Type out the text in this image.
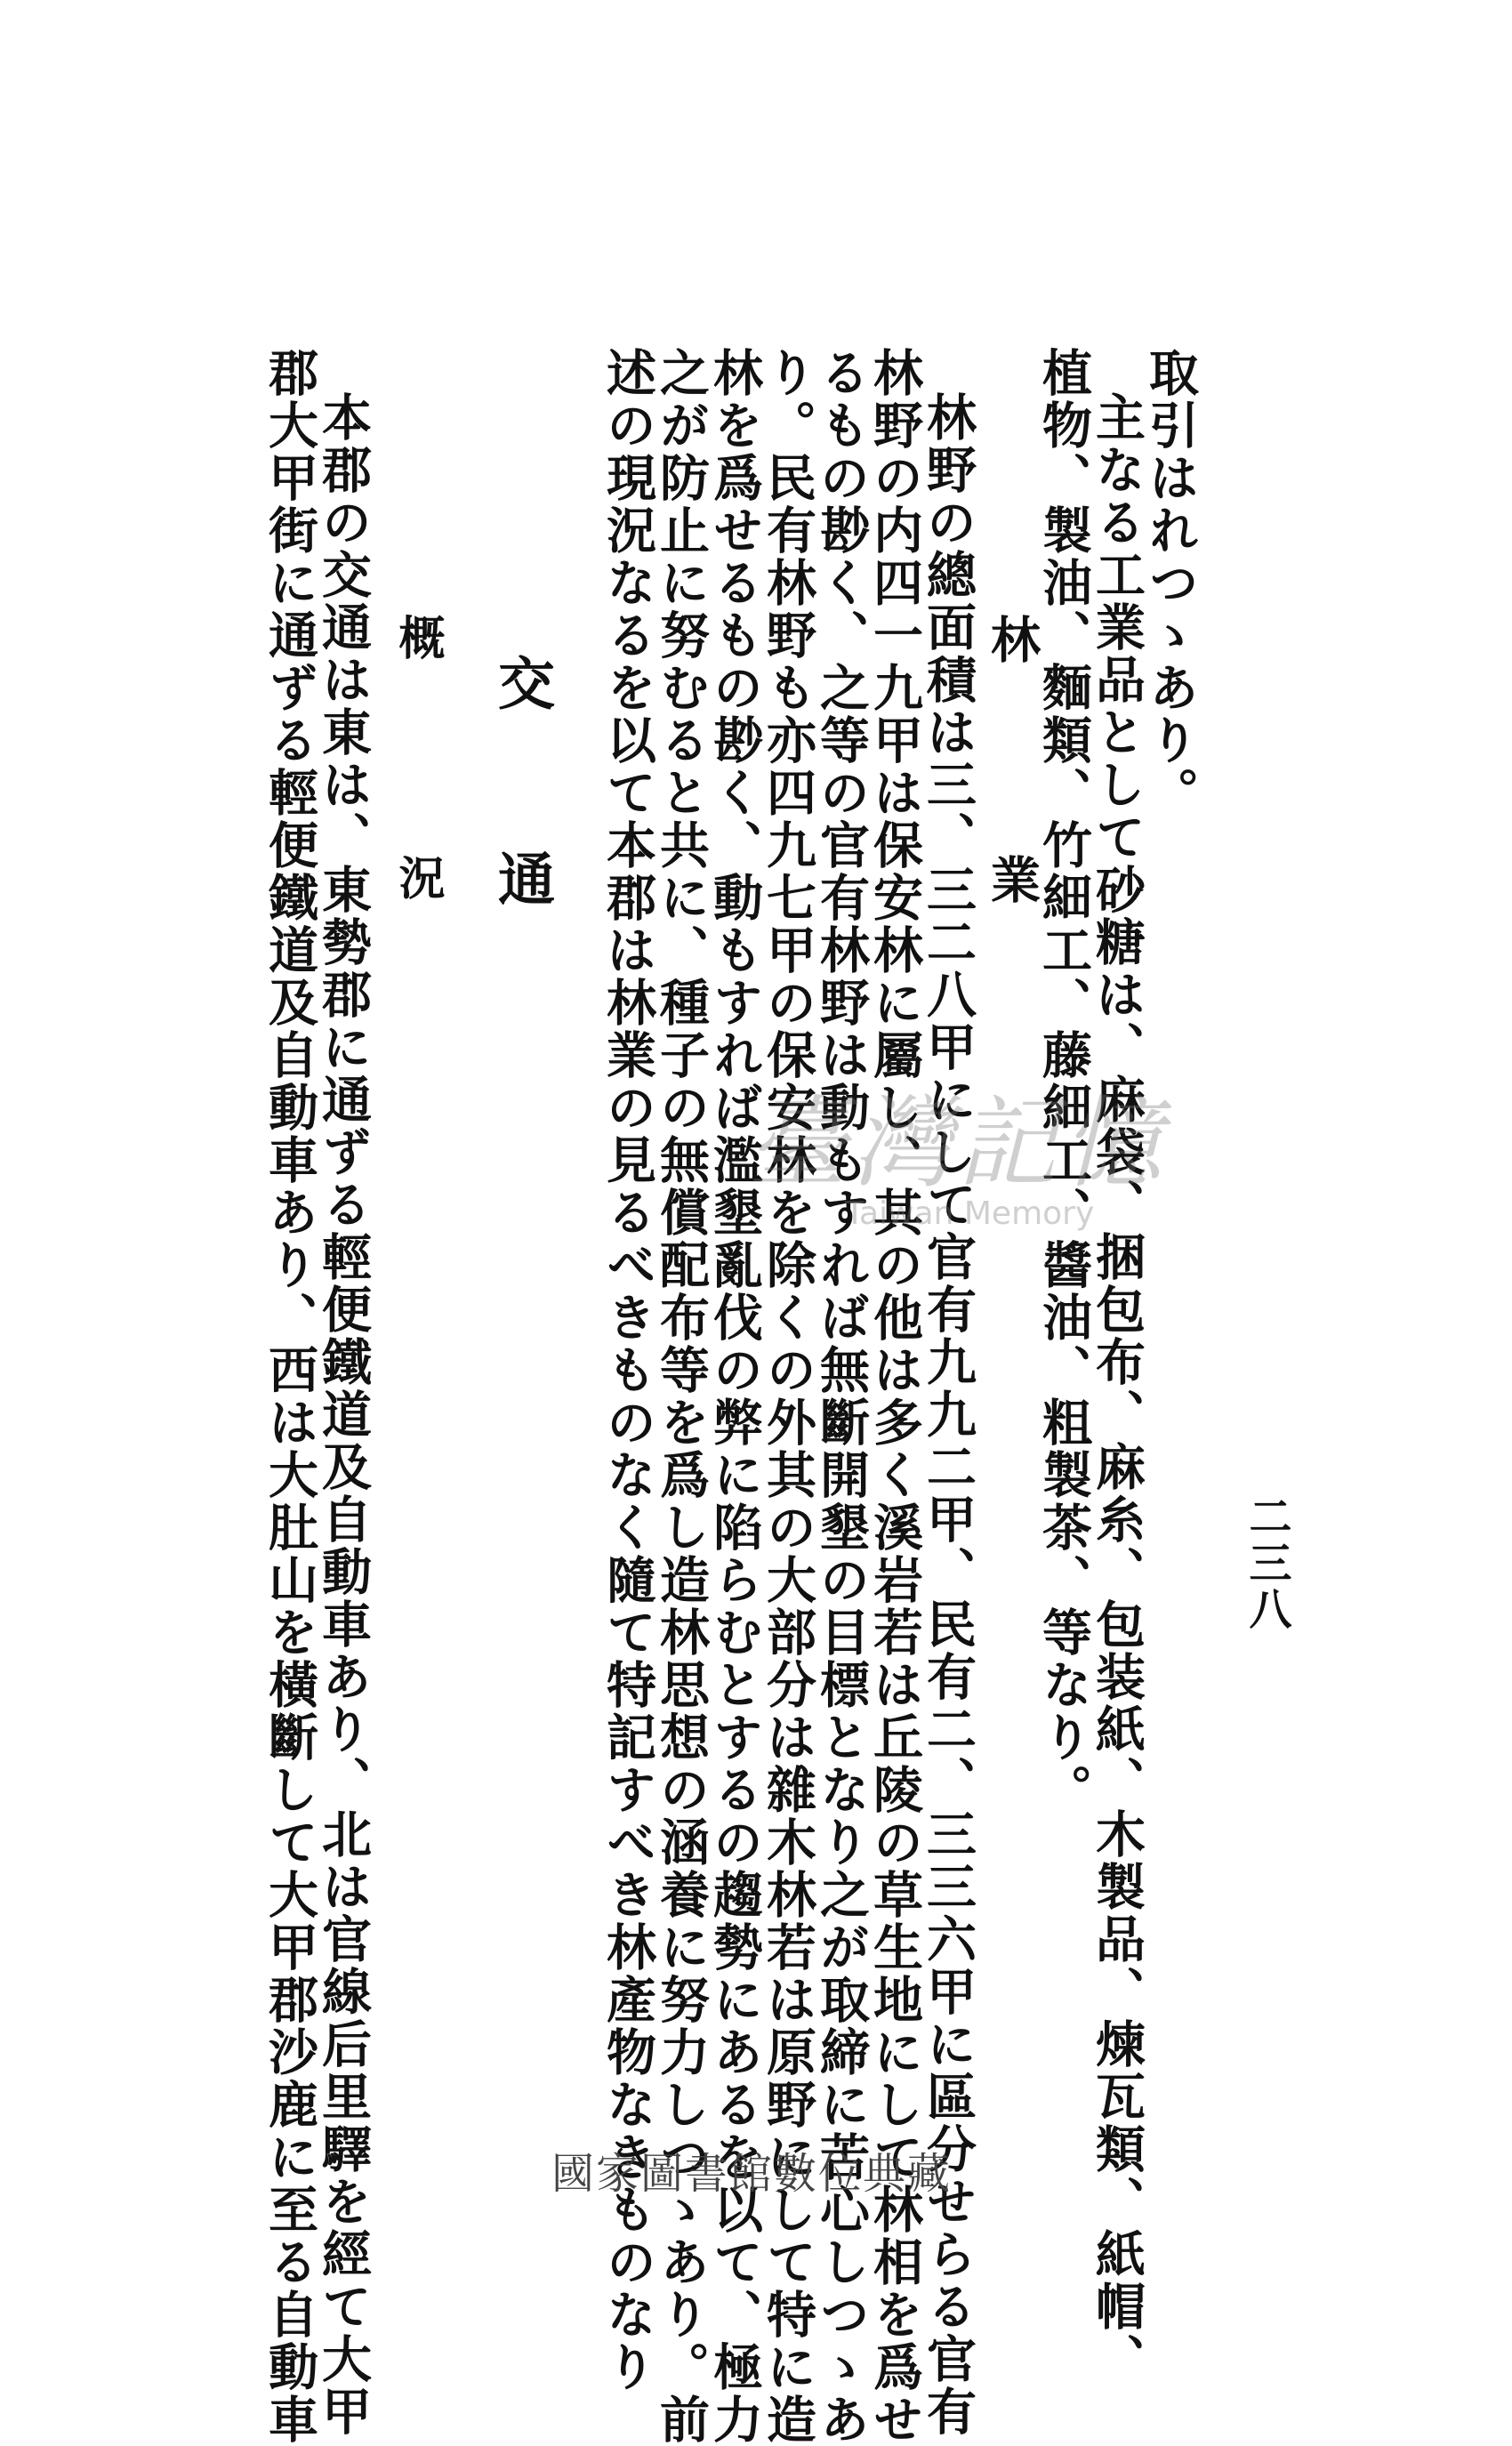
二三八
取引はれつゝあり。
主なる工業品として砂糖は、麻袋、捆包布、麻糸、包装紙、木製品、煉瓦類、紙帽、
植物、製油、麵類、竹細工、藤細工、醬油、粗製茶、等なり。
林
業
林野の總面積は三、三二八甲にして官有九九二甲、民有二、三三六甲に區分せらる官有
林野の内四一九甲は保安林に屬し、其の他は多く溪岩若は丘陵の草生地にして林相を爲せ
るもの尠く、之等の官有林野は動もすれば無斷開墾の目標となり之が取締に苦心しつゝあ
り。民有林野も亦四九七甲の保安林を除くの外其の大部分は雜木林若は原野にして特に造
林を爲せるもの尠く、動もすれば濫墾亂伐の弊に陷らむとするの趨勢にあるを以て、極力
之が防止に努むると共に、種子の無償配布等を爲し造林思想の涵養に努力しつゝあり。前
述の現況なるを以て本郡は林業の見るべきものなく隨て特記すべき林產物なきものなり
交
通
概
況
本郡の交通は東は、東勢郡に通ずる輕便鐵道及自動車あり、北は官線后里驛を經て大甲
郡大甲街に通ずる輕便鐵道及自動車あり、西は大肚山を橫斷して大甲郡沙鹿に至る自動車	臺灣記憶
Taiwan Memory
國家圖書館數位典藏
